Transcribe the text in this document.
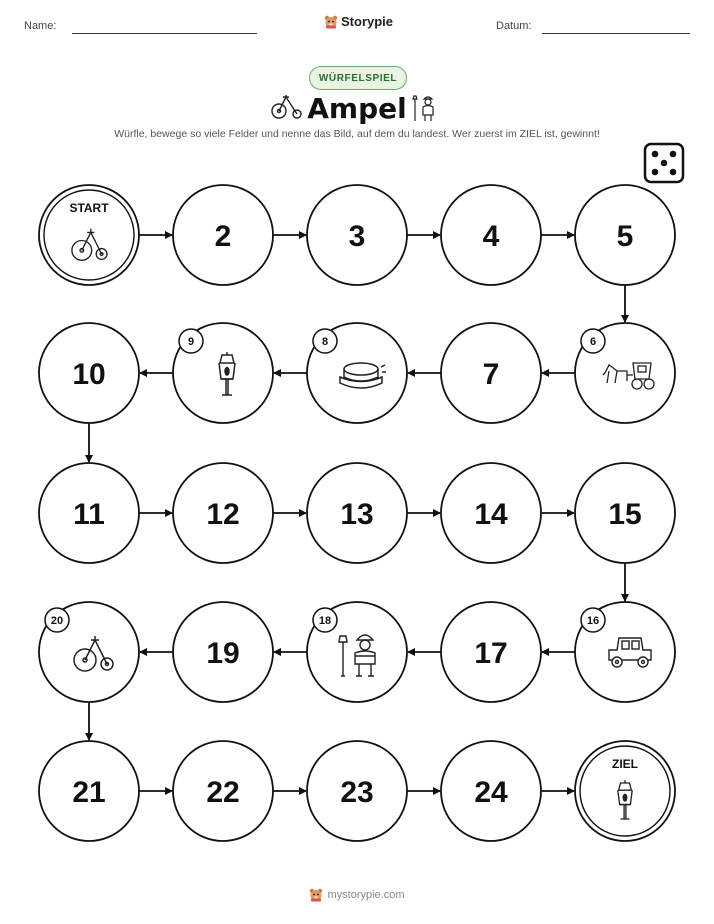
Name:	Storypie	Datum:
WÜRFELSPIEL
Ampel
Würfle, bewege so viele Felder und nenne das Bild, auf dem du landest. Wer zuerst im ZIEL ist, gewinnt!
START
2	3	4	5
6
7
8
9
10
11	12	13	14	15
16
17
18
19
20
21	22	23	24
ZIEL
mystorypie.com
